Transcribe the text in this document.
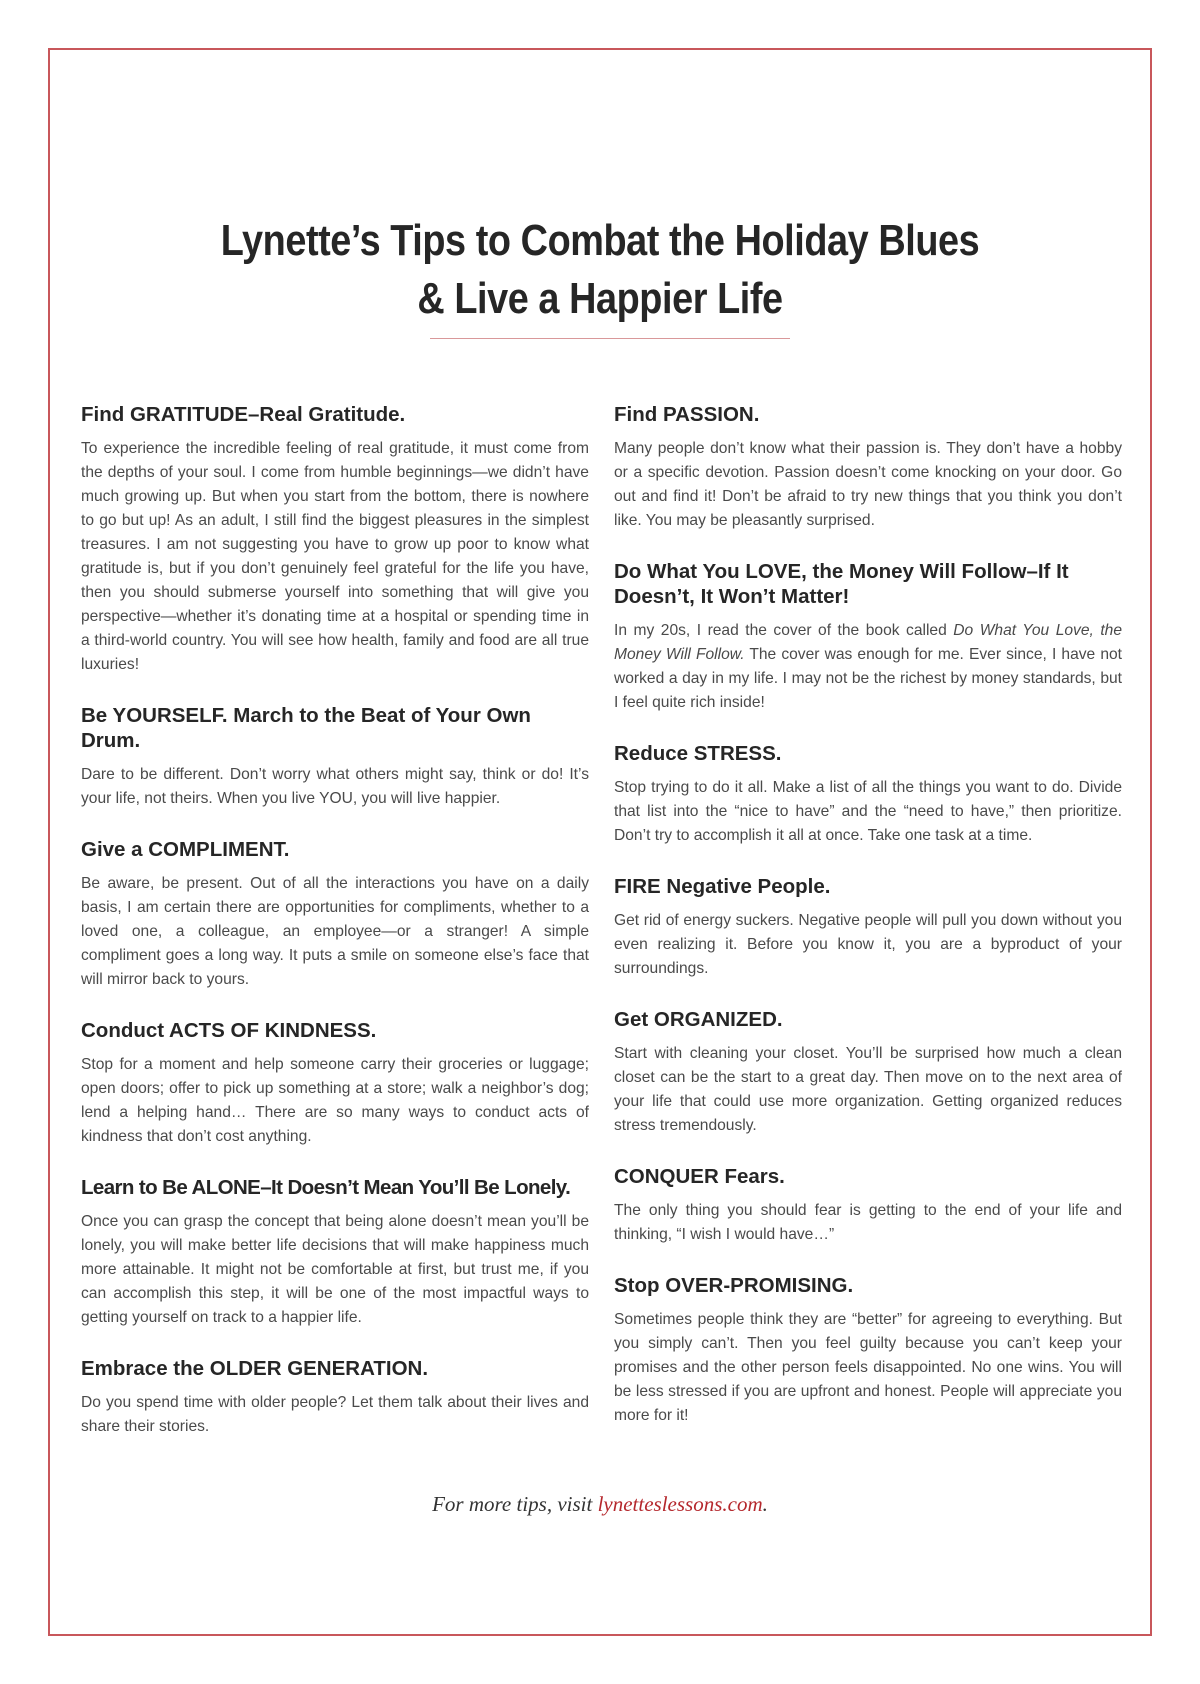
Lynette’s Tips to Combat the Holiday Blues
& Live a Happier Life
Find GRATITUDE–Real Gratitude.

To experience the incredible feeling of real gratitude, it must come from the depths of your soul. I come from humble beginnings—we didn’t have much growing up. But when you start from the bottom, there is nowhere to go but up! As an adult, I still find the biggest pleasures in the simplest treasures. I am not suggesting you have to grow up poor to know what gratitude is, but if you don’t genuinely feel grateful for the life you have, then you should submerse yourself into something that will give you perspective—whether it’s donating time at a hospital or spending time in a third-world country. You will see how health, family and food are all true luxuries!

Be YOURSELF. March to the Beat of Your Own Drum.

Dare to be different. Don’t worry what others might say, think or do! It’s your life, not theirs. When you live YOU, you will live happier.

Give a COMPLIMENT.

Be aware, be present. Out of all the interactions you have on a daily basis, I am certain there are opportunities for compliments, whether to a loved one, a colleague, an employee—or a stranger! A simple compliment goes a long way. It puts a smile on someone else’s face that will mirror back to yours.

Conduct ACTS OF KINDNESS.

Stop for a moment and help someone carry their groceries or luggage; open doors; offer to pick up something at a store; walk a neighbor’s dog; lend a helping hand… There are so many ways to conduct acts of kindness that don’t cost anything.

Learn to Be ALONE–It Doesn’t Mean You’ll Be Lonely.

Once you can grasp the concept that being alone doesn’t mean you’ll be lonely, you will make better life decisions that will make happiness much more attainable. It might not be comfortable at first, but trust me, if you can accomplish this step, it will be one of the most impactful ways to getting yourself on track to a happier life.

Embrace the OLDER GENERATION.

Do you spend time with older people? Let them talk about their lives and share their stories.

Find PASSION.

Many people don’t know what their passion is. They don’t have a hobby or a specific devotion. Passion doesn’t come knocking on your door. Go out and find it! Don’t be afraid to try new things that you think you don’t like. You may be pleasantly surprised.

Do What You LOVE, the Money Will Follow–If It Doesn’t, It Won’t Matter!

In my 20s, I read the cover of the book called Do What You Love, the Money Will Follow. The cover was enough for me. Ever since, I have not worked a day in my life. I may not be the richest by money standards, but I feel quite rich inside!

Reduce STRESS.

Stop trying to do it all. Make a list of all the things you want to do. Divide that list into the “nice to have” and the “need to have,” then prioritize. Don’t try to accomplish it all at once. Take one task at a time.

FIRE Negative People.

Get rid of energy suckers. Negative people will pull you down without you even realizing it. Before you know it, you are a byproduct of your surroundings.

Get ORGANIZED.

Start with cleaning your closet. You’ll be surprised how much a clean closet can be the start to a great day. Then move on to the next area of your life that could use more organization. Getting organized reduces stress tremendously.

CONQUER Fears.

The only thing you should fear is getting to the end of your life and thinking, “I wish I would have…”

Stop OVER-PROMISING.

Sometimes people think they are “better” for agreeing to everything. But you simply can’t. Then you feel guilty because you can’t keep your promises and the other person feels disappointed. No one wins. You will be less stressed if you are upfront and honest. People will appreciate you more for it!

For more tips, visit lynetteslessons.com.
